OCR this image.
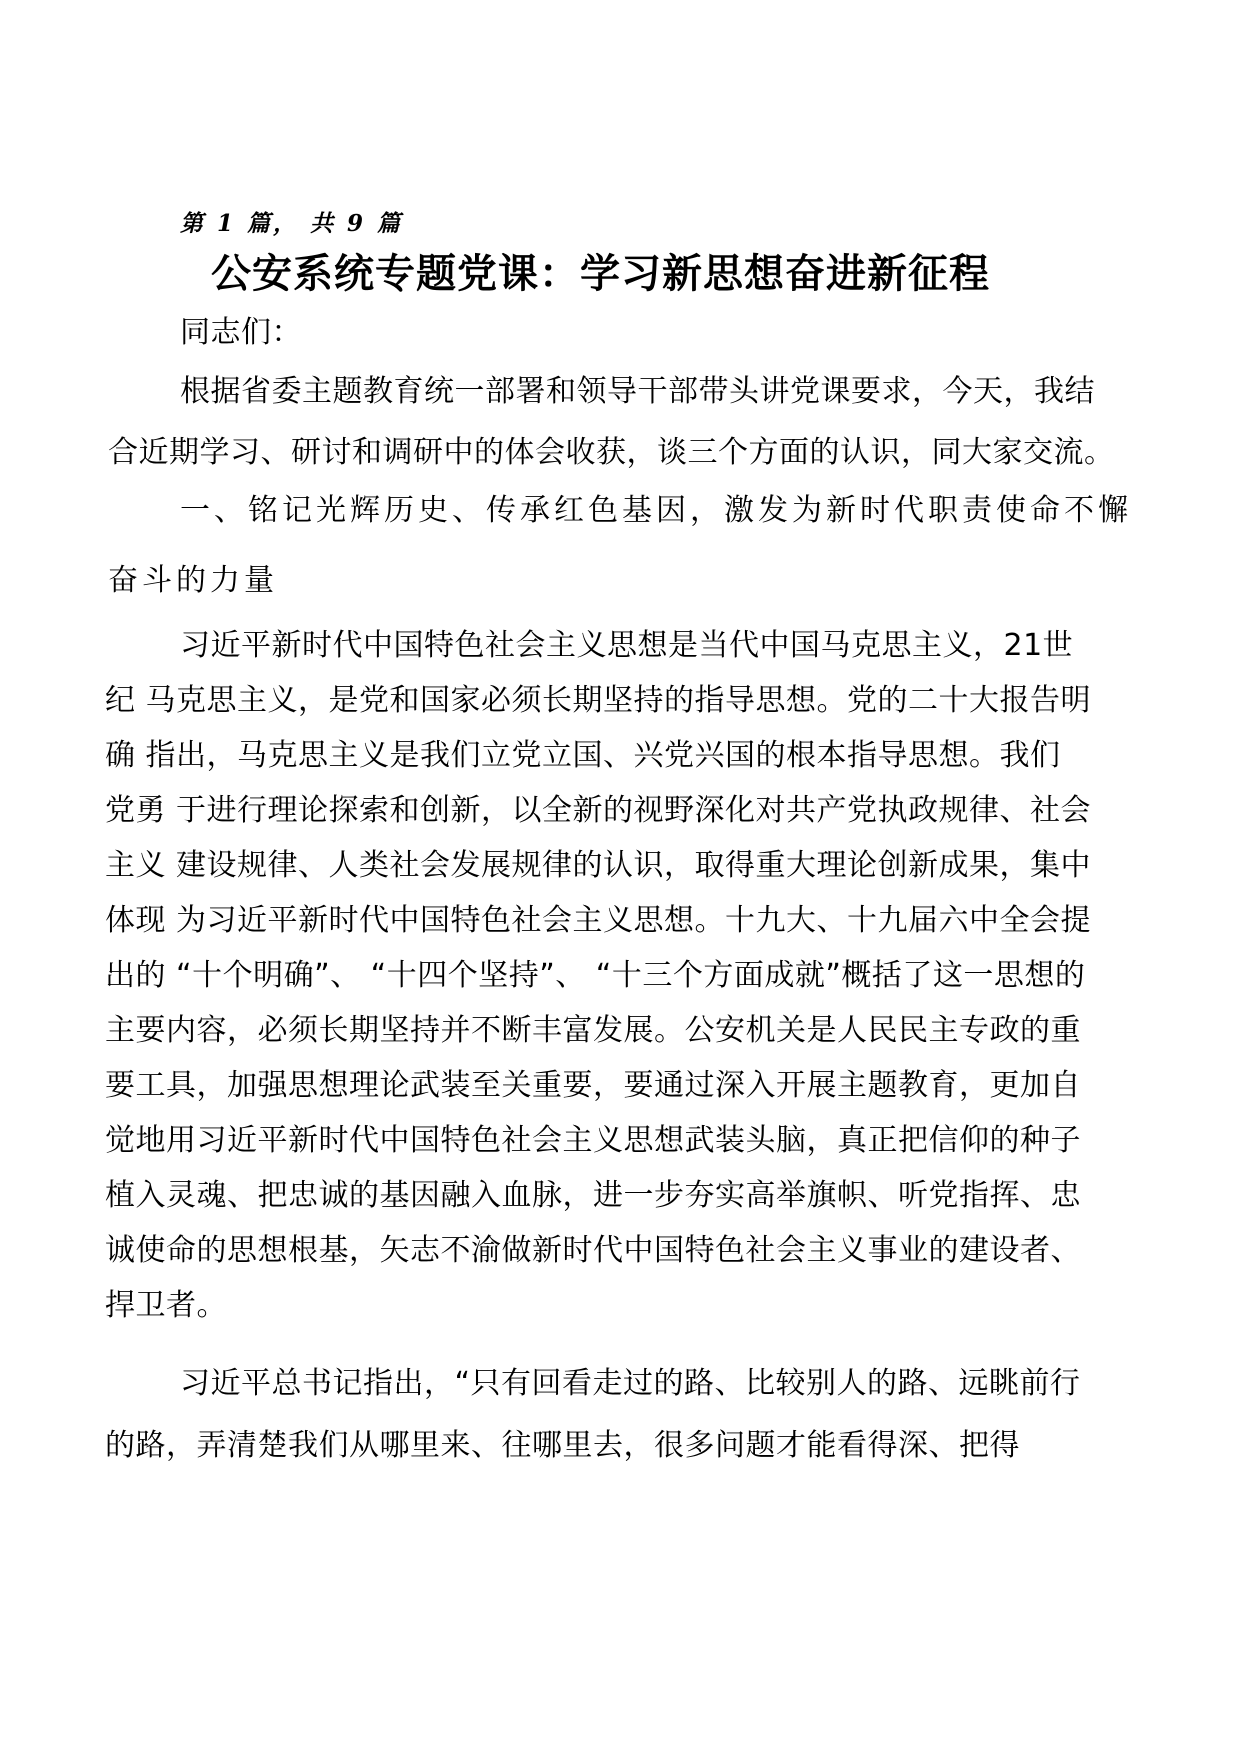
第 1 篇， 共 9 篇
公安系统专题党课：学习新思想奋进新征程
同志们：
根据省委主题教育统一部署和领导干部带头讲党课要求，今天，我结
合近期学习、研讨和调研中的体会收获，谈三个方面的认识，同大家交流。
一、铭记光辉历史、传承红色基因，激发为新时代职责使命不懈
奋斗的力量
习近平新时代中国特色社会主义思想是当代中国马克思主义，21世
纪 马克思主义，是党和国家必须长期坚持的指导思想。党的二十大报告明
确 指出，马克思主义是我们立党立国、兴党兴国的根本指导思想。我们
党勇 于进行理论探索和创新，以全新的视野深化对共产党执政规律、社会
主义 建设规律、人类社会发展规律的认识，取得重大理论创新成果，集中
体现 为习近平新时代中国特色社会主义思想。十九大、十九届六中全会提
出的 “十个明确”、 “十四个坚持”、 “十三个方面成就”概括了这一思想的
主要内容，必须长期坚持并不断丰富发展。公安机关是人民民主专政的重
要工具，加强思想理论武装至关重要，要通过深入开展主题教育，更加自
觉地用习近平新时代中国特色社会主义思想武装头脑，真正把信仰的种子
植入灵魂、把忠诚的基因融入血脉，进一步夯实高举旗帜、听党指挥、忠
诚使命的思想根基，矢志不渝做新时代中国特色社会主义事业的建设者、
捍卫者。
习近平总书记指出，“只有回看走过的路、比较别人的路、远眺前行
的路，弄清楚我们从哪里来、往哪里去，很多问题才能看得深、把得
